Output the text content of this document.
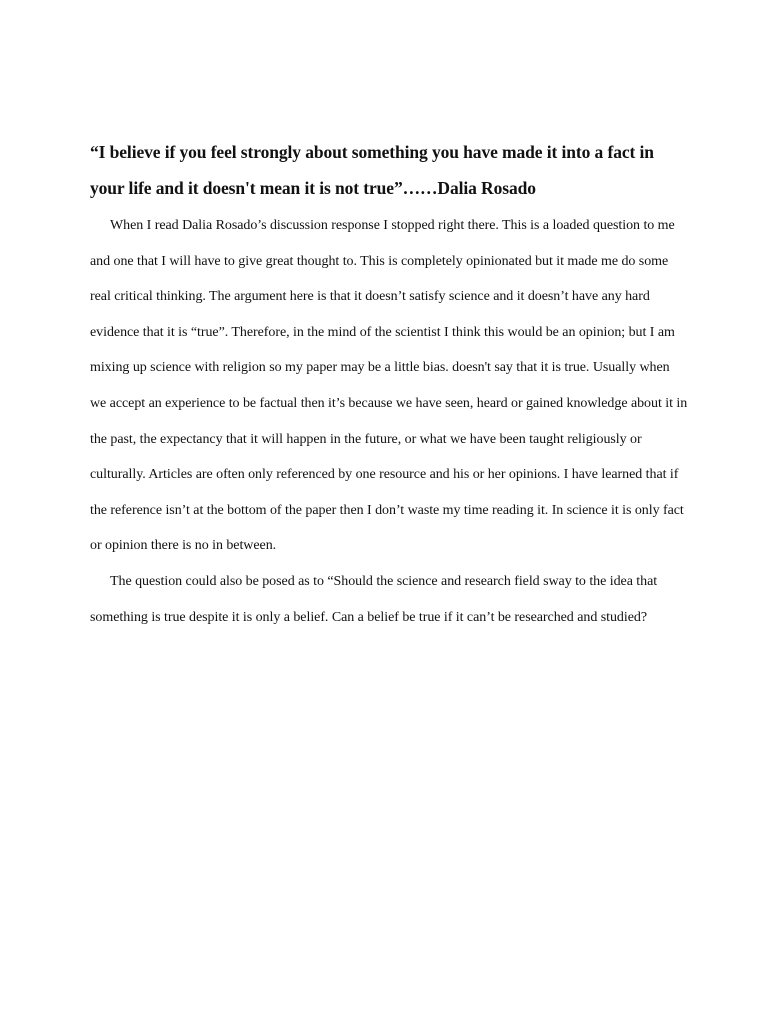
“I believe if you feel strongly about something you have made it into a fact in your life and it doesn't mean it is not true”……Dalia Rosado

When I read Dalia Rosado’s discussion response I stopped right there. This is a loaded question to me and one that I will have to give great thought to. This is completely opinionated but it made me do some real critical thinking. The argument here is that it doesn’t satisfy science and it doesn’t have any hard evidence that it is “true”. Therefore, in the mind of the scientist I think this would be an opinion; but I am mixing up science with religion so my paper may be a little bias. doesn't say that it is true. Usually when we accept an experience to be factual then it’s because we have seen, heard or gained knowledge about it in the past, the expectancy that it will happen in the future, or what we have been taught religiously or culturally. Articles are often only referenced by one resource and his or her opinions. I have learned that if the reference isn’t at the bottom of the paper then I don’t waste my time reading it. In science it is only fact or opinion there is no in between.

The question could also be posed as to “Should the science and research field sway to the idea that something is true despite it is only a belief. Can a belief be true if it can’t be researched and studied?
